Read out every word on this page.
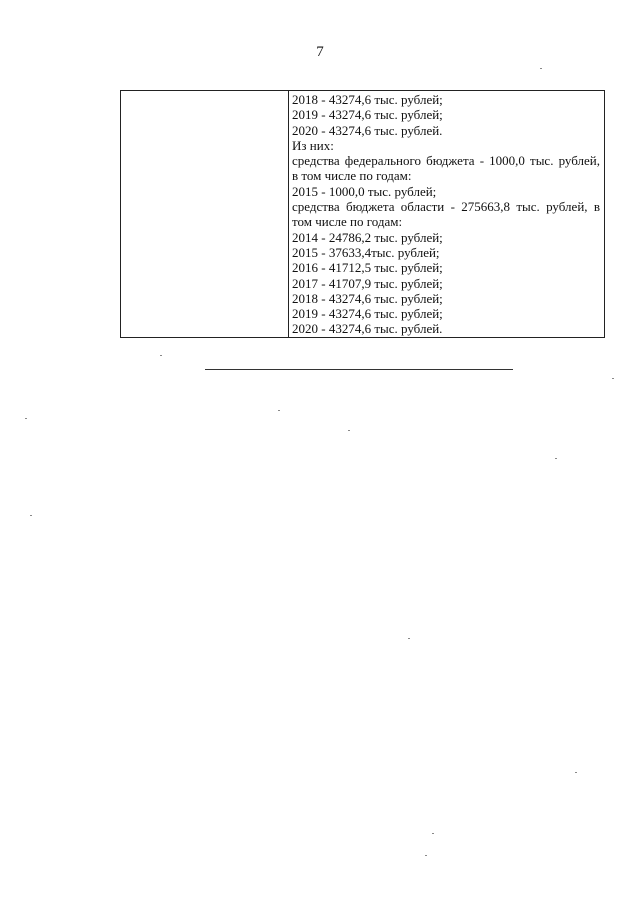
7
2018 - 43274,6 тыс. рублей;
2019 - 43274,6 тыс. рублей;
2020 - 43274,6 тыс. рублей.
Из них:
средства федерального бюджета - 1000,0 тыс. рублей,
в том числе по годам:
2015 - 1000,0 тыс. рублей;
средства бюджета области - 275663,8 тыс. рублей, в
том числе по годам:
2014 - 24786,2 тыс. рублей;
2015 - 37633,4тыс. рублей;
2016 - 41712,5 тыс. рублей;
2017 - 41707,9 тыс. рублей;
2018 - 43274,6 тыс. рублей;
2019 - 43274,6 тыс. рублей;
2020 - 43274,6 тыс. рублей.
